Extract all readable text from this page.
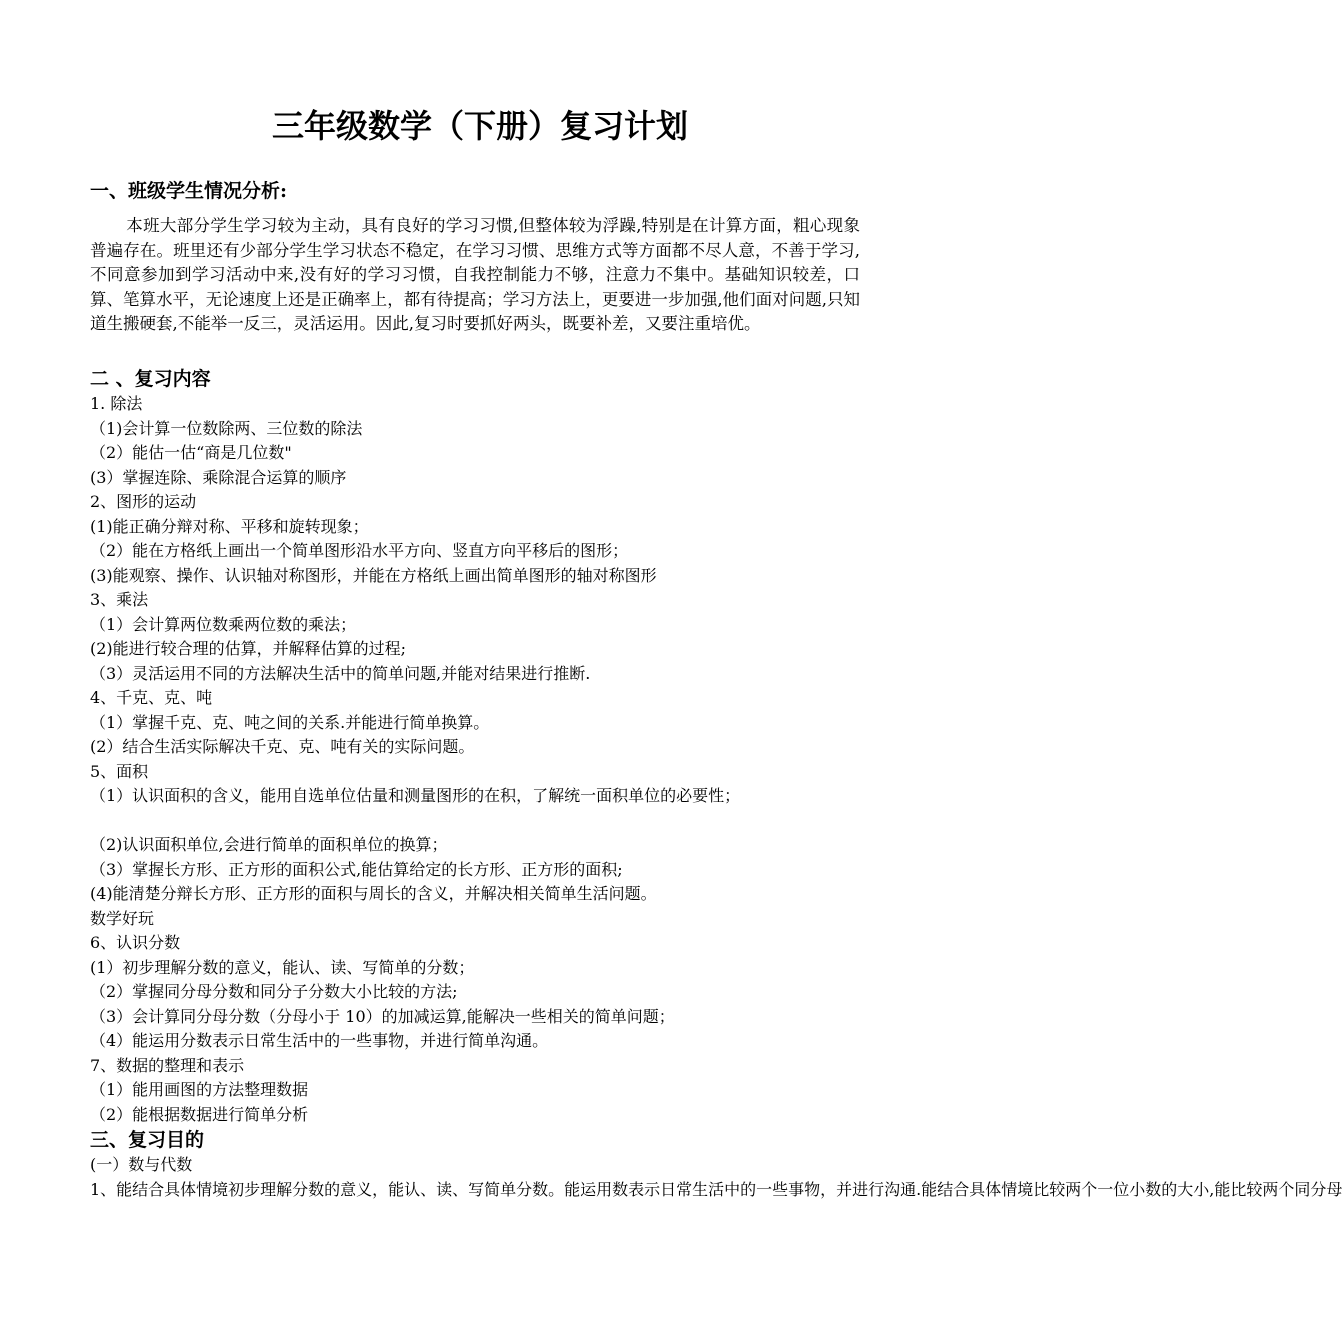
三年级数学（下册）复习计划
一、班级学生情况分析:

本班大部分学生学习较为主动，具有良好的学习习惯,但整体较为浮躁,特别是在计算方面，粗心现象普遍存在。班里还有少部分学生学习状态不稳定，在学习习惯、思维方式等方面都不尽人意，不善于学习,不同意参加到学习活动中来,没有好的学习习惯，自我控制能力不够，注意力不集中。基础知识较差，口算、笔算水平，无论速度上还是正确率上，都有待提高；学习方法上，更要进一步加强,他们面对问题,只知道生搬硬套,不能举一反三，灵活运用。因此,复习时要抓好两头，既要补差，又要注重培优。

二 、复习内容
1. 除法
（1)会计算一位数除两、三位数的除法
（2）能估一估“商是几位数"
(3）掌握连除、乘除混合运算的顺序
2、图形的运动
(1)能正确分辩对称、平移和旋转现象；
（2）能在方格纸上画出一个简单图形沿水平方向、竖直方向平移后的图形；
(3)能观察、操作、认识轴对称图形，并能在方格纸上画出简单图形的轴对称图形
3、乘法
（1）会计算两位数乘两位数的乘法；
(2)能进行较合理的估算，并解释估算的过程;
（3）灵活运用不同的方法解决生活中的简单问题,并能对结果进行推断.
4、千克、克、吨
（1）掌握千克、克、吨之间的关系.并能进行简单换算。
(2）结合生活实际解决千克、克、吨有关的实际问题。
5、面积
（1）认识面积的含义，能用自选单位估量和测量图形的在积，了解统一面积单位的必要性；
（2)认识面积单位,会进行简单的面积单位的换算；
（3）掌握长方形、正方形的面积公式,能估算给定的长方形、正方形的面积;
(4)能清楚分辩长方形、正方形的面积与周长的含义，并解决相关简单生活问题。
数学好玩
6、认识分数
(1）初步理解分数的意义，能认、读、写简单的分数；
（2）掌握同分母分数和同分子分数大小比较的方法;
（3）会计算同分母分数（分母小于 10）的加减运算,能解决一些相关的简单问题；
（4）能运用分数表示日常生活中的一些事物，并进行简单沟通。
7、数据的整理和表示
（1）能用画图的方法整理数据
（2）能根据数据进行简单分析
三、复习目的
(一）数与代数
1、能结合具体情境初步理解分数的意义，能认、读、写简单分数。能运用数表示日常生活中的一些事物，并进行沟通.能结合具体情境比较两个一位小数的大小,能比较两个同分母
